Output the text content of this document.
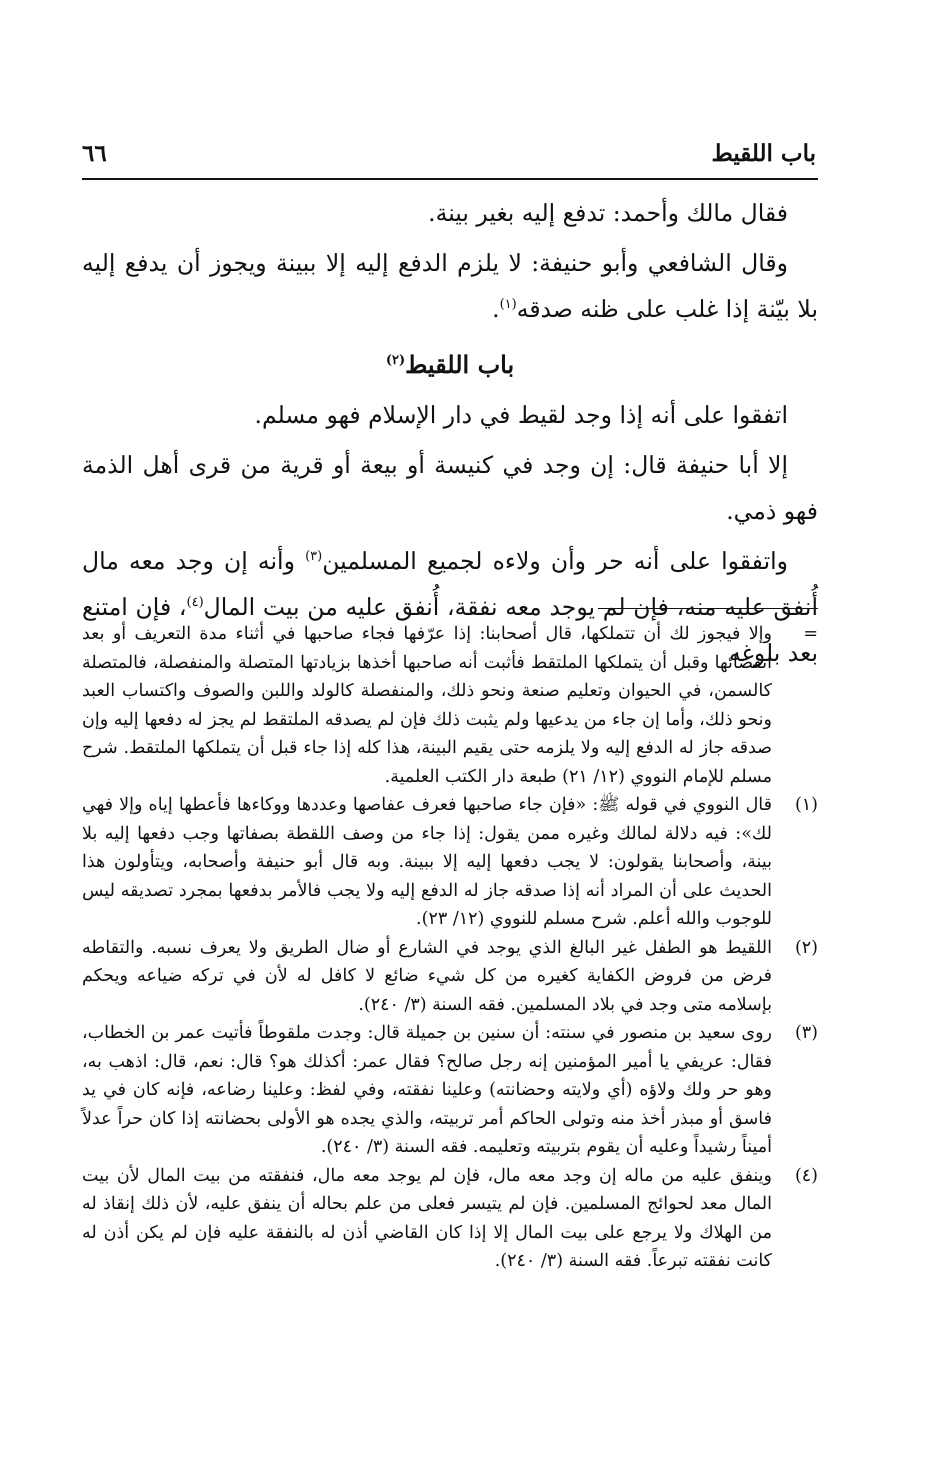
باب اللقيط
٦٦

فقال مالك وأحمد: تدفع إليه بغير بينة.

وقال الشافعي وأبو حنيفة: لا يلزم الدفع إليه إلا ببينة ويجوز أن يدفع إليه بلا بيّنة إذا غلب على ظنه صدقه$^{(١)}$.

باب اللقيط$^{(٢)}$

اتفقوا على أنه إذا وجد لقيط في دار الإسلام فهو مسلم.

إلا أبا حنيفة قال: إن وجد في كنيسة أو بيعة أو قرية من قرى أهل الذمة فهو ذمي.

واتفقوا على أنه حر وأن ولاءه لجميع المسلمين$^{(٣)}$ وأنه إن وجد معه مال أُنفق عليه منه، فإن لم يوجد معه نفقة، أُنفق عليه من بيت المال$^{(٤)}$، فإن امتنع بعد بلوغه

=

وإلا فيجوز لك أن تتملكها، قال أصحابنا: إذا عرّفها فجاء صاحبها في أثناء مدة التعريف أو بعد انقضائها وقبل أن يتملكها الملتقط فأثبت أنه صاحبها أخذها بزيادتها المتصلة والمنفصلة، فالمتصلة كالسمن، في الحيوان وتعليم صنعة ونحو ذلك، والمنفصلة كالولد واللبن والصوف واكتساب العبد ونحو ذلك، وأما إن جاء من يدعيها ولم يثبت ذلك فإن لم يصدقه الملتقط لم يجز له دفعها إليه وإن صدقه جاز له الدفع إليه ولا يلزمه حتى يقيم البينة، هذا كله إذا جاء قبل أن يتملكها الملتقط. شرح مسلم للإمام النووي (١٢/ ٢١) طبعة دار الكتب العلمية.

(١)

قال النووي في قوله ﷺ: «فإن جاء صاحبها فعرف عفاصها وعددها ووكاءها فأعطها إياه وإلا فهي لك»: فيه دلالة لمالك وغيره ممن يقول: إذا جاء من وصف اللقطة بصفاتها وجب دفعها إليه بلا بينة، وأصحابنا يقولون: لا يجب دفعها إليه إلا ببينة. وبه قال أبو حنيفة وأصحابه، ويتأولون هذا الحديث على أن المراد أنه إذا صدقه جاز له الدفع إليه ولا يجب فالأمر بدفعها بمجرد تصديقه ليس للوجوب والله أعلم. شرح مسلم للنووي (١٢/ ٢٣).

(٢)

اللقيط هو الطفل غير البالغ الذي يوجد في الشارع أو ضال الطريق ولا يعرف نسبه. والتقاطه فرض من فروض الكفاية كغيره من كل شيء ضائع لا كافل له لأن في تركه ضياعه ويحكم بإسلامه متى وجد في بلاد المسلمين. فقه السنة (٣/ ٢٤٠).

(٣)

روى سعيد بن منصور في سنته: أن سنين بن جميلة قال: وجدت ملقوطاً فأتيت عمر بن الخطاب، فقال: عريفي يا أمير المؤمنين إنه رجل صالح؟ فقال عمر: أكذلك هو؟ قال: نعم، قال: اذهب به، وهو حر ولك ولاؤه (أي ولايته وحضانته) وعلينا نفقته، وفي لفظ: وعلينا رضاعه، فإنه كان في يد فاسق أو مبذر أخذ منه وتولى الحاكم أمر تربيته، والذي يجده هو الأولى بحضانته إذا كان حراً عدلاً أميناً رشيداً وعليه أن يقوم بتربيته وتعليمه. فقه السنة (٣/ ٢٤٠).

(٤)

وينفق عليه من ماله إن وجد معه مال، فإن لم يوجد معه مال، فنفقته من بيت المال لأن بيت المال معد لحوائج المسلمين. فإن لم يتيسر فعلى من علم بحاله أن ينفق عليه، لأن ذلك إنقاذ له من الهلاك ولا يرجع على بيت المال إلا إذا كان القاضي أذن له بالنفقة عليه فإن لم يكن أذن له كانت نفقته تبرعاً. فقه السنة (٣/ ٢٤٠).
